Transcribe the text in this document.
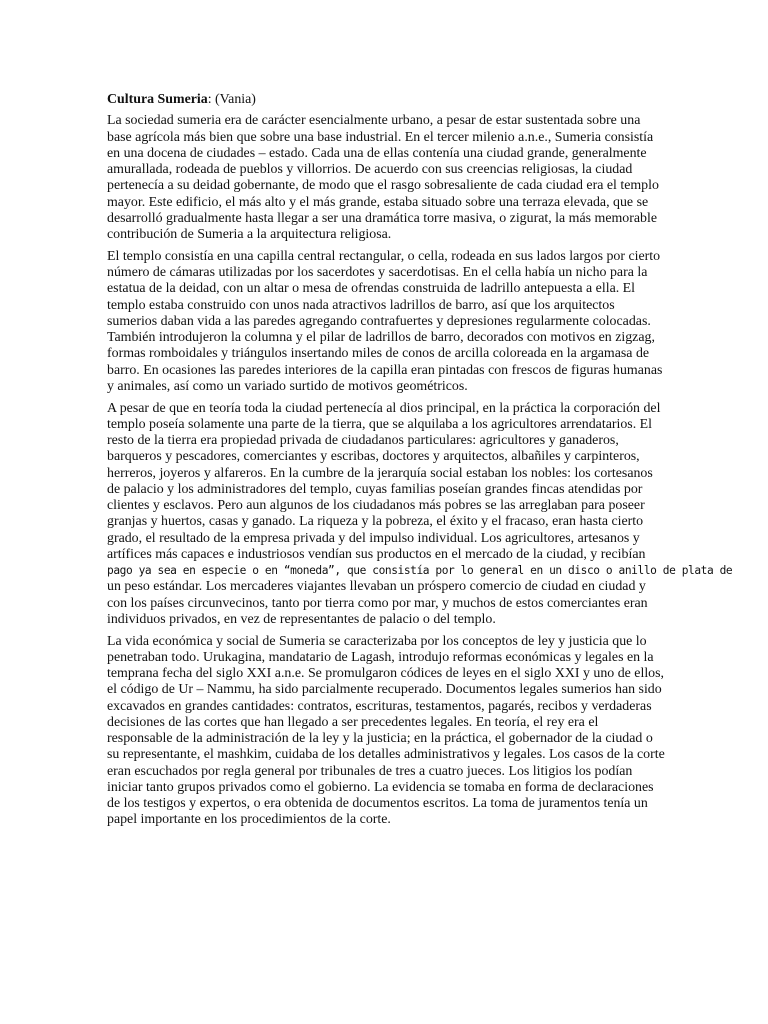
Cultura Sumeria: (Vania)

La sociedad sumeria era de carácter esencialmente urbano, a pesar de estar sustentada sobre una
base agrícola más bien que sobre una base industrial. En el tercer milenio a.n.e., Sumeria consistía
en una docena de ciudades – estado. Cada una de ellas contenía una ciudad grande, generalmente
amurallada, rodeada de pueblos y villorrios. De acuerdo con sus creencias religiosas, la ciudad
pertenecía a su deidad gobernante, de modo que el rasgo sobresaliente de cada ciudad era el templo
mayor. Este edificio, el más alto y el más grande, estaba situado sobre una terraza elevada, que se
desarrolló gradualmente hasta llegar a ser una dramática torre masiva, o zigurat, la más memorable
contribución de Sumeria a la arquitectura religiosa.

El templo consistía en una capilla central rectangular, o cella, rodeada en sus lados largos por cierto
número de cámaras utilizadas por los sacerdotes y sacerdotisas. En el cella había un nicho para la
estatua de la deidad, con un altar o mesa de ofrendas construida de ladrillo antepuesta a ella. El
templo estaba construido con unos nada atractivos ladrillos de barro, así que los arquitectos
sumerios daban vida a las paredes agregando contrafuertes y depresiones regularmente colocadas.
También introdujeron la columna y el pilar de ladrillos de barro, decorados con motivos en zigzag,
formas romboidales y triángulos insertando miles de conos de arcilla coloreada en la argamasa de
barro. En ocasiones las paredes interiores de la capilla eran pintadas con frescos de figuras humanas
y animales, así como un variado surtido de motivos geométricos.

A pesar de que en teoría toda la ciudad pertenecía al dios principal, en la práctica la corporación del
templo poseía solamente una parte de la tierra, que se alquilaba a los agricultores arrendatarios. El
resto de la tierra era propiedad privada de ciudadanos particulares: agricultores y ganaderos,
barqueros y pescadores, comerciantes y escribas, doctores y arquitectos, albañiles y carpinteros,
herreros, joyeros y alfareros. En la cumbre de la jerarquía social estaban los nobles: los cortesanos
de palacio y los administradores del templo, cuyas familias poseían grandes fincas atendidas por
clientes y esclavos. Pero aun algunos de los ciudadanos más pobres se las arreglaban para poseer
granjas y huertos, casas y ganado. La riqueza y la pobreza, el éxito y el fracaso, eran hasta cierto
grado, el resultado de la empresa privada y del impulso individual. Los agricultores, artesanos y
artífices más capaces e industriosos vendían sus productos en el mercado de la ciudad, y recibían
pago ya sea en especie o en “moneda”, que consistía por lo general en un disco o anillo de plata de
un peso estándar. Los mercaderes viajantes llevaban un próspero comercio de ciudad en ciudad y
con los países circunvecinos, tanto por tierra como por mar, y muchos de estos comerciantes eran
individuos privados, en vez de representantes de palacio o del templo.

La vida económica y social de Sumeria se caracterizaba por los conceptos de ley y justicia que lo
penetraban todo. Urukagina, mandatario de Lagash, introdujo reformas económicas y legales en la
temprana fecha del siglo XXI a.n.e. Se promulgaron códices de leyes en el siglo XXI y uno de ellos,
el código de Ur – Nammu, ha sido parcialmente recuperado. Documentos legales sumerios han sido
excavados en grandes cantidades: contratos, escrituras, testamentos, pagarés, recibos y verdaderas
decisiones de las cortes que han llegado a ser precedentes legales. En teoría, el rey era el
responsable de la administración de la ley y la justicia; en la práctica, el gobernador de la ciudad o
su representante, el mashkim, cuidaba de los detalles administrativos y legales. Los casos de la corte
eran escuchados por regla general por tribunales de tres a cuatro jueces. Los litigios los podían
iniciar tanto grupos privados como el gobierno. La evidencia se tomaba en forma de declaraciones
de los testigos y expertos, o era obtenida de documentos escritos. La toma de juramentos tenía un
papel importante en los procedimientos de la corte.
